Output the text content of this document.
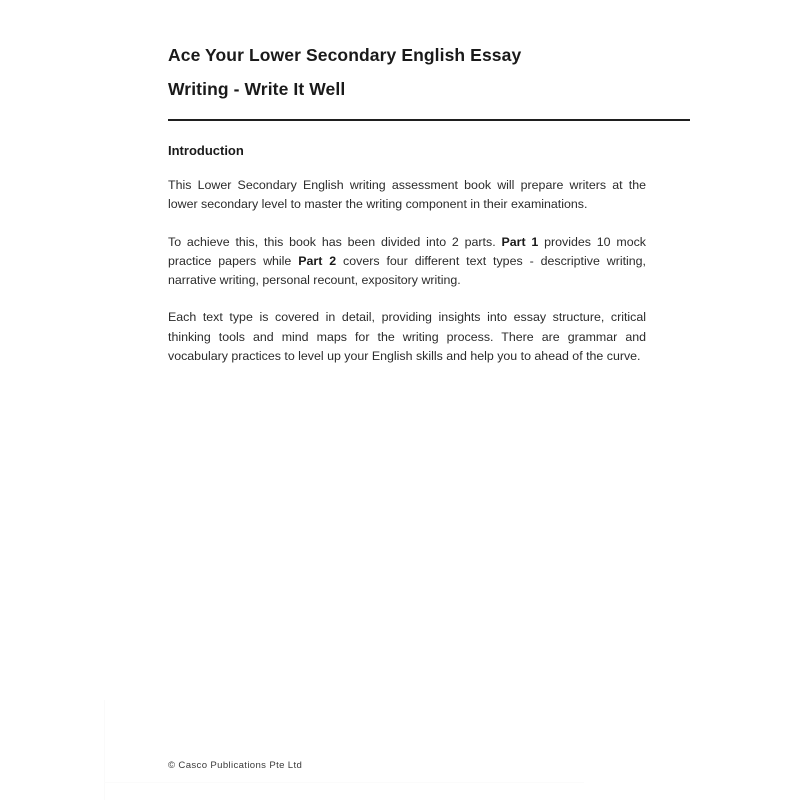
Ace Your Lower Secondary English Essay
Writing - Write It Well
Introduction

This Lower Secondary English writing assessment book will prepare writers at the lower secondary level to master the writing component in their examinations.

To achieve this, this book has been divided into 2 parts. Part 1 provides 10 mock practice papers while Part 2 covers four different text types - descriptive writing, narrative writing, personal recount, expository writing.

Each text type is covered in detail, providing insights into essay structure, critical thinking tools and mind maps for the writing process. There are grammar and vocabulary practices to level up your English skills and help you to ahead of the curve.

© Casco Publications Pte Ltd
